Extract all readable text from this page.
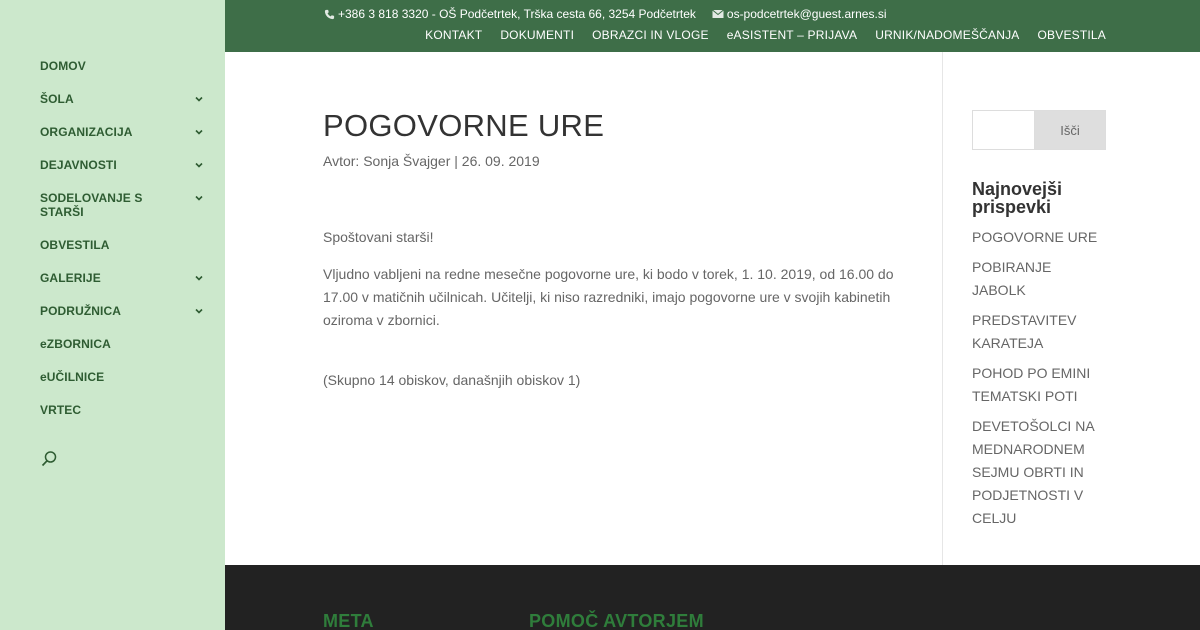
DOMOV
ŠOLA
ORGANIZACIJA
DEJAVNOSTI
SODELOVANJE S STARŠI
OBVESTILA
GALERIJE
PODRUŽNICA
eZBORNICA
eUČILNICE
VRTEC
+386 3 818 3320 - OŠ Podčetrtek, Trška cesta 66, 3254 Podčetrtek	os-podcetrtek@guest.arnes.si
KONTAKT DOKUMENTI OBRAZCI IN VLOGE eASISTENT – PRIJAVA URNIK/NADOMEŠČANJA OBVESTILA
POGOVORNE URE
Avtor: Sonja Švajger | 26. 09. 2019

Spoštovani starši!

Vljudno vabljeni na redne mesečne pogovorne ure, ki bodo v torek, 1. 10. 2019, od 16.00 do 17.00 v matičnih učilnicah. Učitelji, ki niso razredniki, imajo pogovorne ure v svojih kabinetih oziroma v zbornici.

(Skupno 14 obiskov, današnjih obiskov 1)

Išči
Najnovejši prispevki
POGOVORNE URE
POBIRANJE JABOLK
PREDSTAVITEV KARATEJA
POHOD PO EMINI TEMATSKI POTI
DEVETOŠOLCI NA MEDNARODNEM SEJMU OBRTI IN PODJETNOSTI V CELJU
META	POMOČ AVTORJEM
